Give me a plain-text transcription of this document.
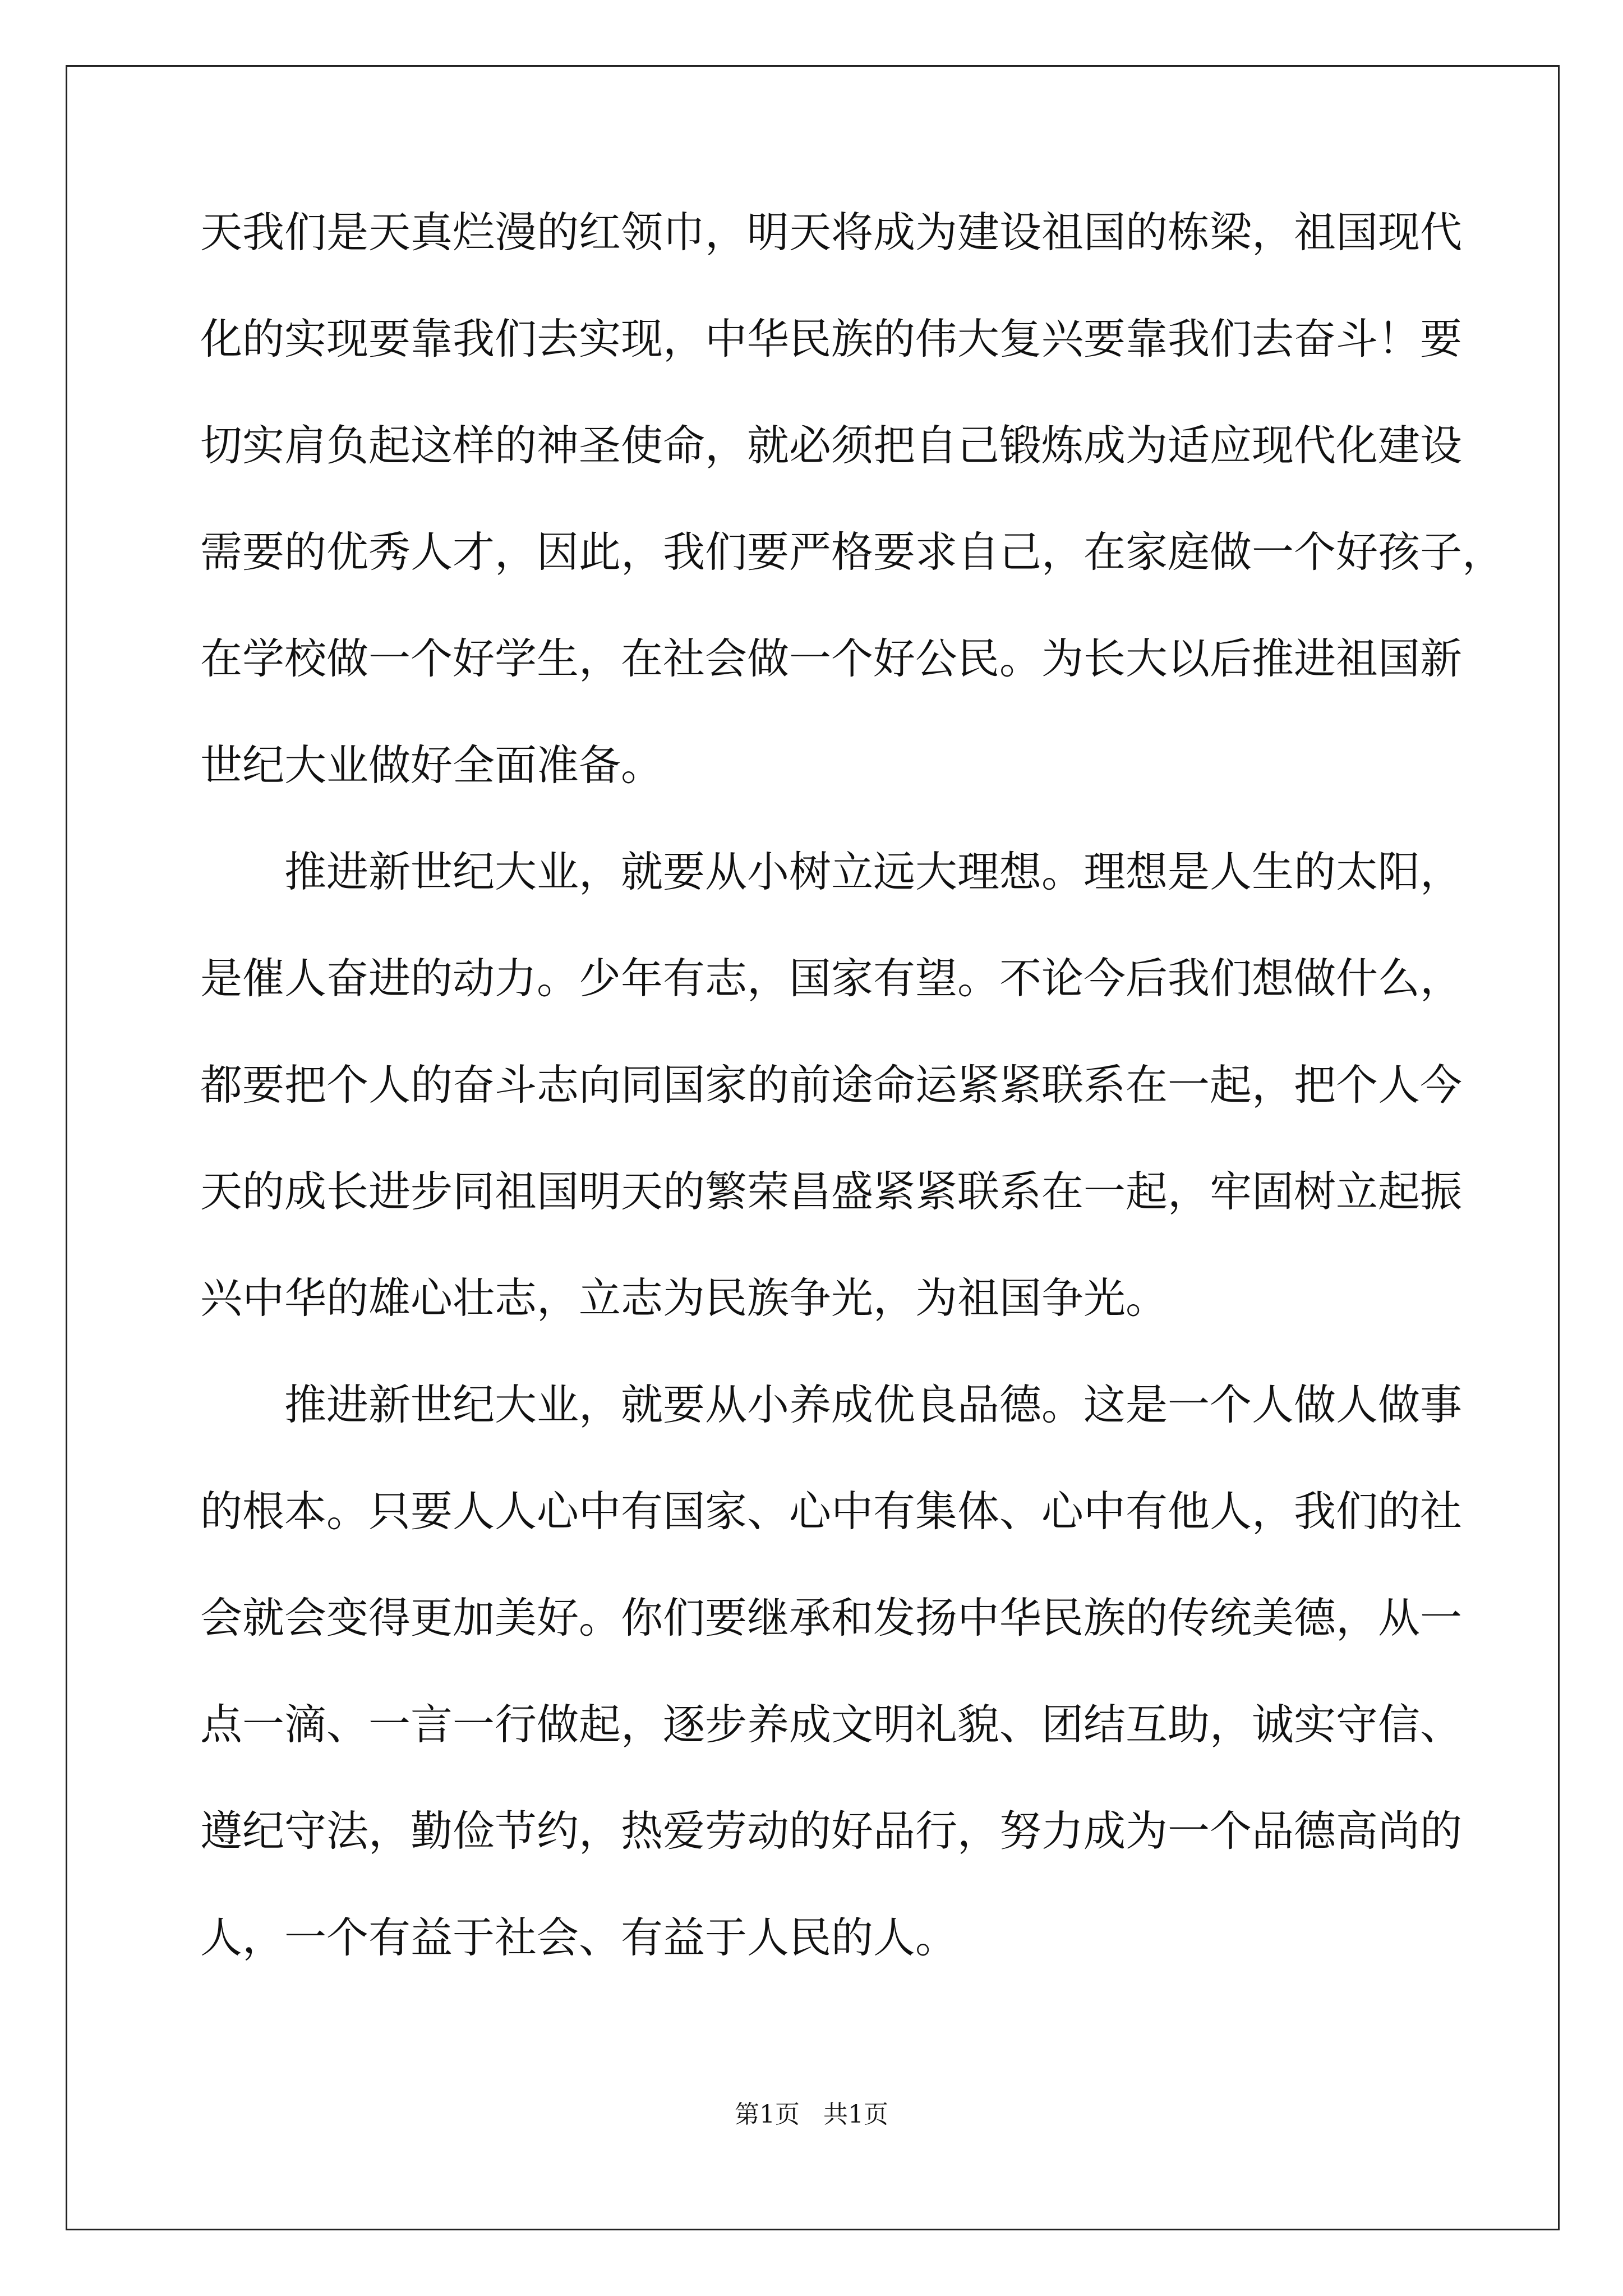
天我们是天真烂漫的红领巾，明天将成为建设祖国的栋梁，祖国现代
化的实现要靠我们去实现，中华民族的伟大复兴要靠我们去奋斗！要
切实肩负起这样的神圣使命，就必须把自己锻炼成为适应现代化建设
需要的优秀人才，因此，我们要严格要求自己，在家庭做一个好孩子，
在学校做一个好学生，在社会做一个好公民。为长大以后推进祖国新
世纪大业做好全面准备。
推进新世纪大业，就要从小树立远大理想。理想是人生的太阳，
是催人奋进的动力。少年有志，国家有望。不论今后我们想做什么，
都要把个人的奋斗志向同国家的前途命运紧紧联系在一起，把个人今
天的成长进步同祖国明天的繁荣昌盛紧紧联系在一起，牢固树立起振
兴中华的雄心壮志，立志为民族争光，为祖国争光。
推进新世纪大业，就要从小养成优良品德。这是一个人做人做事
的根本。只要人人心中有国家、心中有集体、心中有他人，我们的社
会就会变得更加美好。你们要继承和发扬中华民族的传统美德，从一
点一滴、一言一行做起，逐步养成文明礼貌、团结互助，诚实守信、
遵纪守法，勤俭节约，热爱劳动的好品行，努力成为一个品德高尚的
人，一个有益于社会、有益于人民的人。
第1页   共1页
